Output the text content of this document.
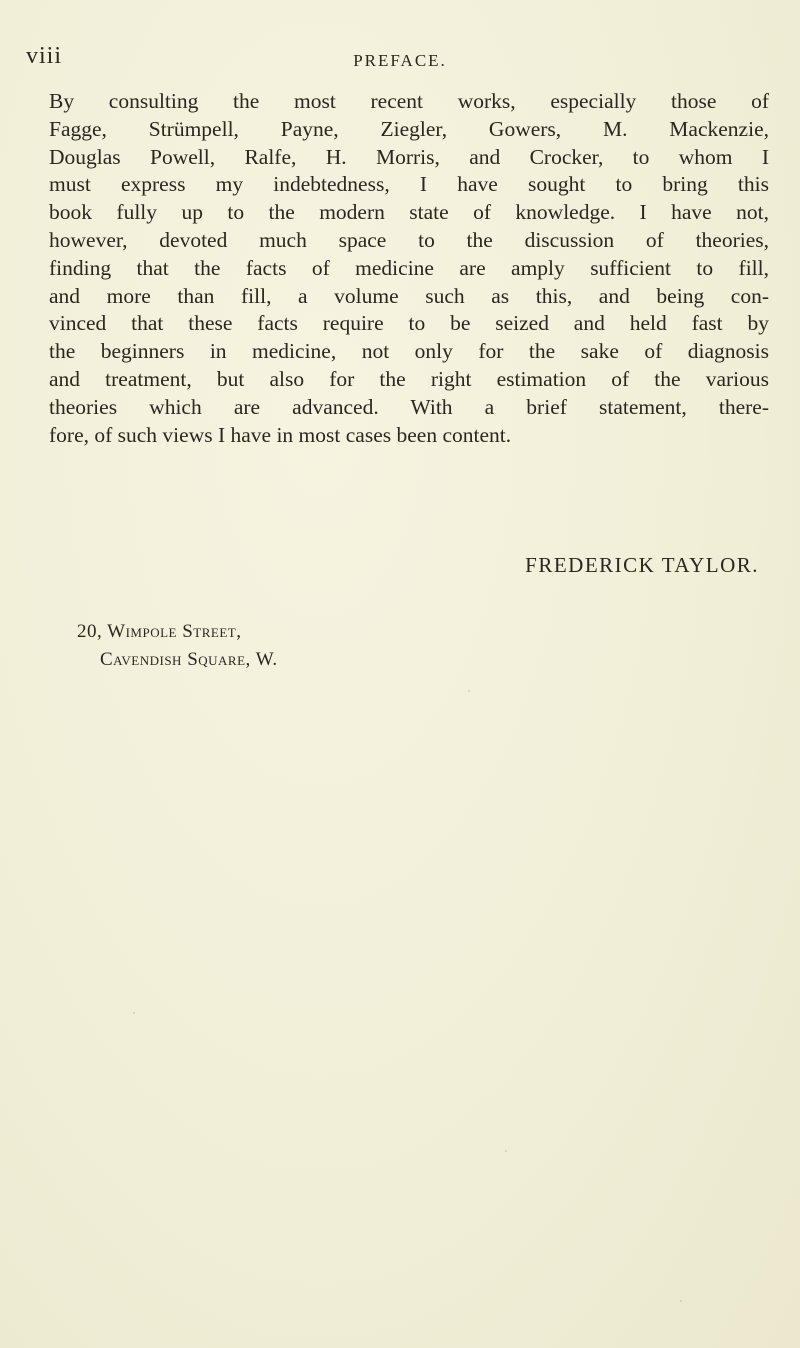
viii	PREFACE.
By consulting the most recent works, especially those of
Fagge, Strümpell, Payne, Ziegler, Gowers, M. Mackenzie,
Douglas Powell, Ralfe, H. Morris, and Crocker, to whom I
must express my indebtedness, I have sought to bring this
book fully up to the modern state of knowledge. I have not,
however, devoted much space to the discussion of theories,
finding that the facts of medicine are amply sufficient to fill,
and more than fill, a volume such as this, and being con-
vinced that these facts require to be seized and held fast by
the beginners in medicine, not only for the sake of diagnosis
and treatment, but also for the right estimation of the various
theories which are advanced. With a brief statement, there-
fore, of such views I have in most cases been content.
FREDERICK TAYLOR.
20, Wimpole Street,
Cavendish Square, W.
